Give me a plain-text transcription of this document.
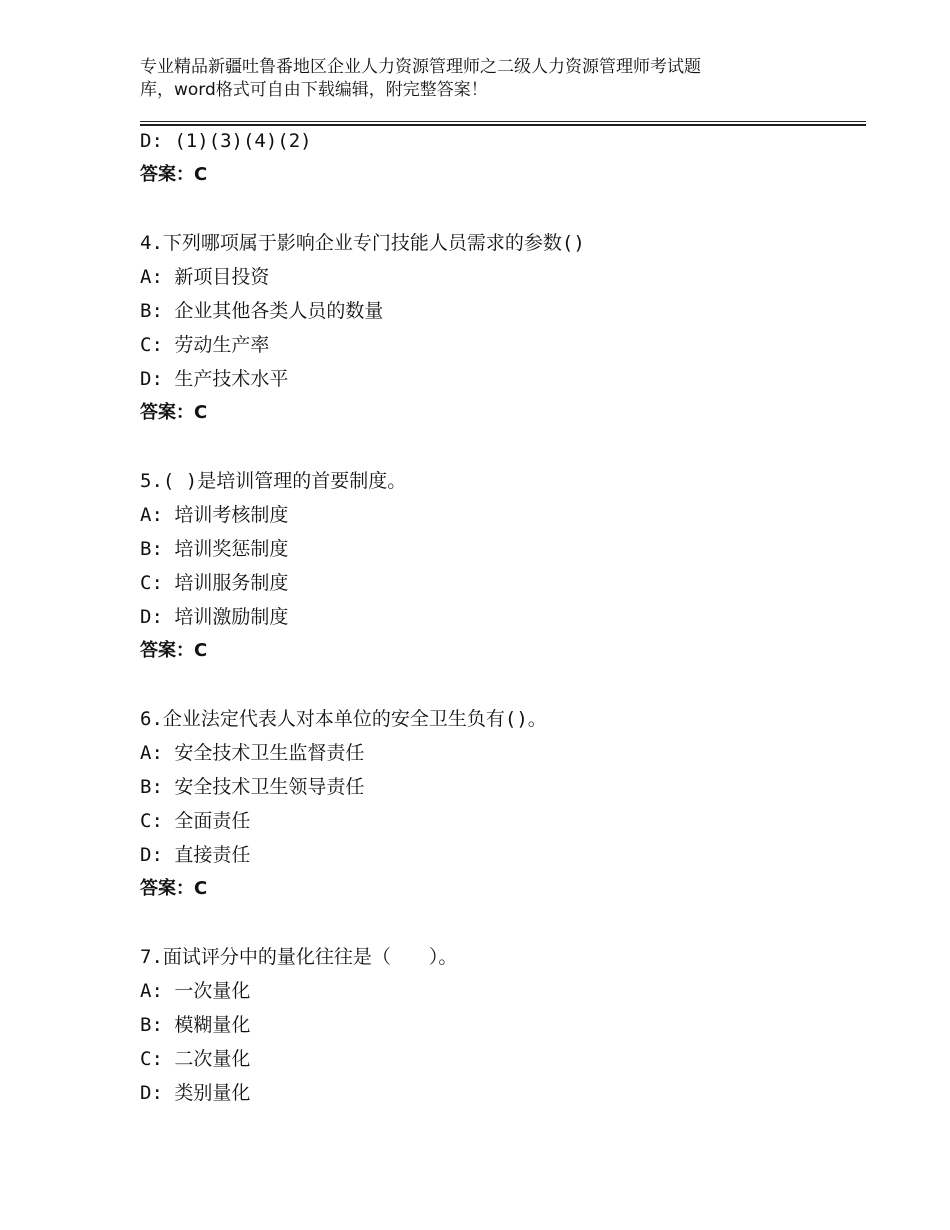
专业精品新疆吐鲁番地区企业人力资源管理师之二级人力资源管理师考试题
库，word格式可自由下载编辑，附完整答案！
D: (1)(3)(4)(2)
答案：C
4.下列哪项属于影响企业专门技能人员需求的参数()
A: 新项目投资
B: 企业其他各类人员的数量
C: 劳动生产率
D: 生产技术水平
答案：C
5.( )是培训管理的首要制度。
A: 培训考核制度
B: 培训奖惩制度
C: 培训服务制度
D: 培训激励制度
答案：C
6.企业法定代表人对本单位的安全卫生负有()。
A: 安全技术卫生监督责任
B: 安全技术卫生领导责任
C: 全面责任
D: 直接责任
答案：C
7.面试评分中的量化往往是（　　）。
A: 一次量化
B: 模糊量化
C: 二次量化
D: 类别量化
